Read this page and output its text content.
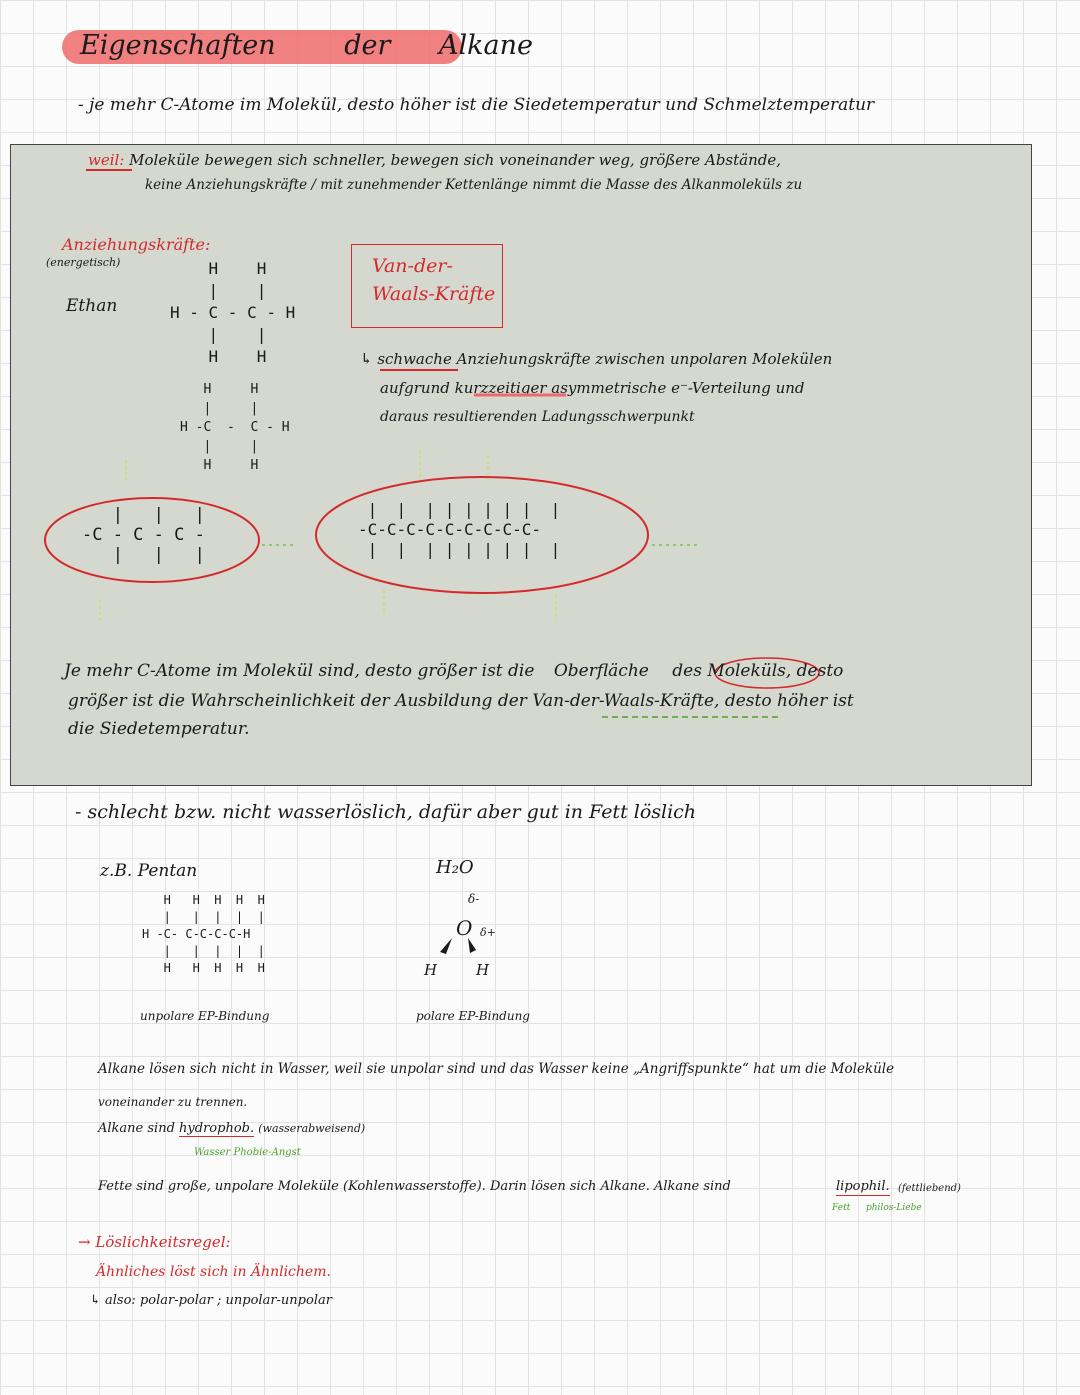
Eigenschaften	der Alkane
- je mehr C-Atome im Molekül, desto höher ist die Siedetemperatur und Schmelztemperatur
weil: Moleküle bewegen sich schneller, bewegen sich voneinander weg, größere Abstände,
keine Anziehungskräfte / mit zunehmender Kettenlänge nimmt die Masse des Alkanmoleküls zu
Anziehungskräfte:
(energetisch)
Ethan
H    H
|    |
H - C - C - H
|    |
H    H
H     H
|     |
H -C  -  C - H
|     |
H     H
Van-der-
Waals-Kräfte
↳ schwache Anziehungskräfte zwischen unpolaren Molekülen
aufgrund kurzzeitiger asymmetrische e⁻-Verteilung und
daraus resultierenden Ladungsschwerpunkt
|   |   |
-C - C - C -
|   |   |
|  |  | | | | | |  |
-C-C-C-C-C-C-C-C-C-
|  |  | | | | | |  |
Je mehr C-Atome im Molekül sind, desto größer ist die Oberfläche des Moleküls, desto
größer ist die Wahrscheinlichkeit der Ausbildung der Van-der-Waals-Kräfte, desto höher ist
die Siedetemperatur.
- schlecht bzw. nicht wasserlöslich, dafür aber gut in Fett löslich
z.B. Pentan
H   H  H  H  H
|   |  |  |  |
H -C- C-C-C-C-H
|   |  |  |  |
H   H  H  H  H
H₂O
δ-
δ+
O
H	H
unpolare EP-Bindung	polare EP-Bindung
Alkane lösen sich nicht in Wasser, weil sie unpolar sind und das Wasser keine „Angriffspunkte“ hat um die Moleküle
voneinander zu trennen.
Alkane sind hydrophob. (wasserabweisend)
Wasser Phobie-Angst
Fette sind große, unpolare Moleküle (Kohlenwasserstoffe). Darin lösen sich Alkane. Alkane sind	lipophil. (fettliebend)
Fett philos-Liebe
→ Löslichkeitsregel:
Ähnliches löst sich in Ähnlichem.
↳ also: polar-polar ; unpolar-unpolar
